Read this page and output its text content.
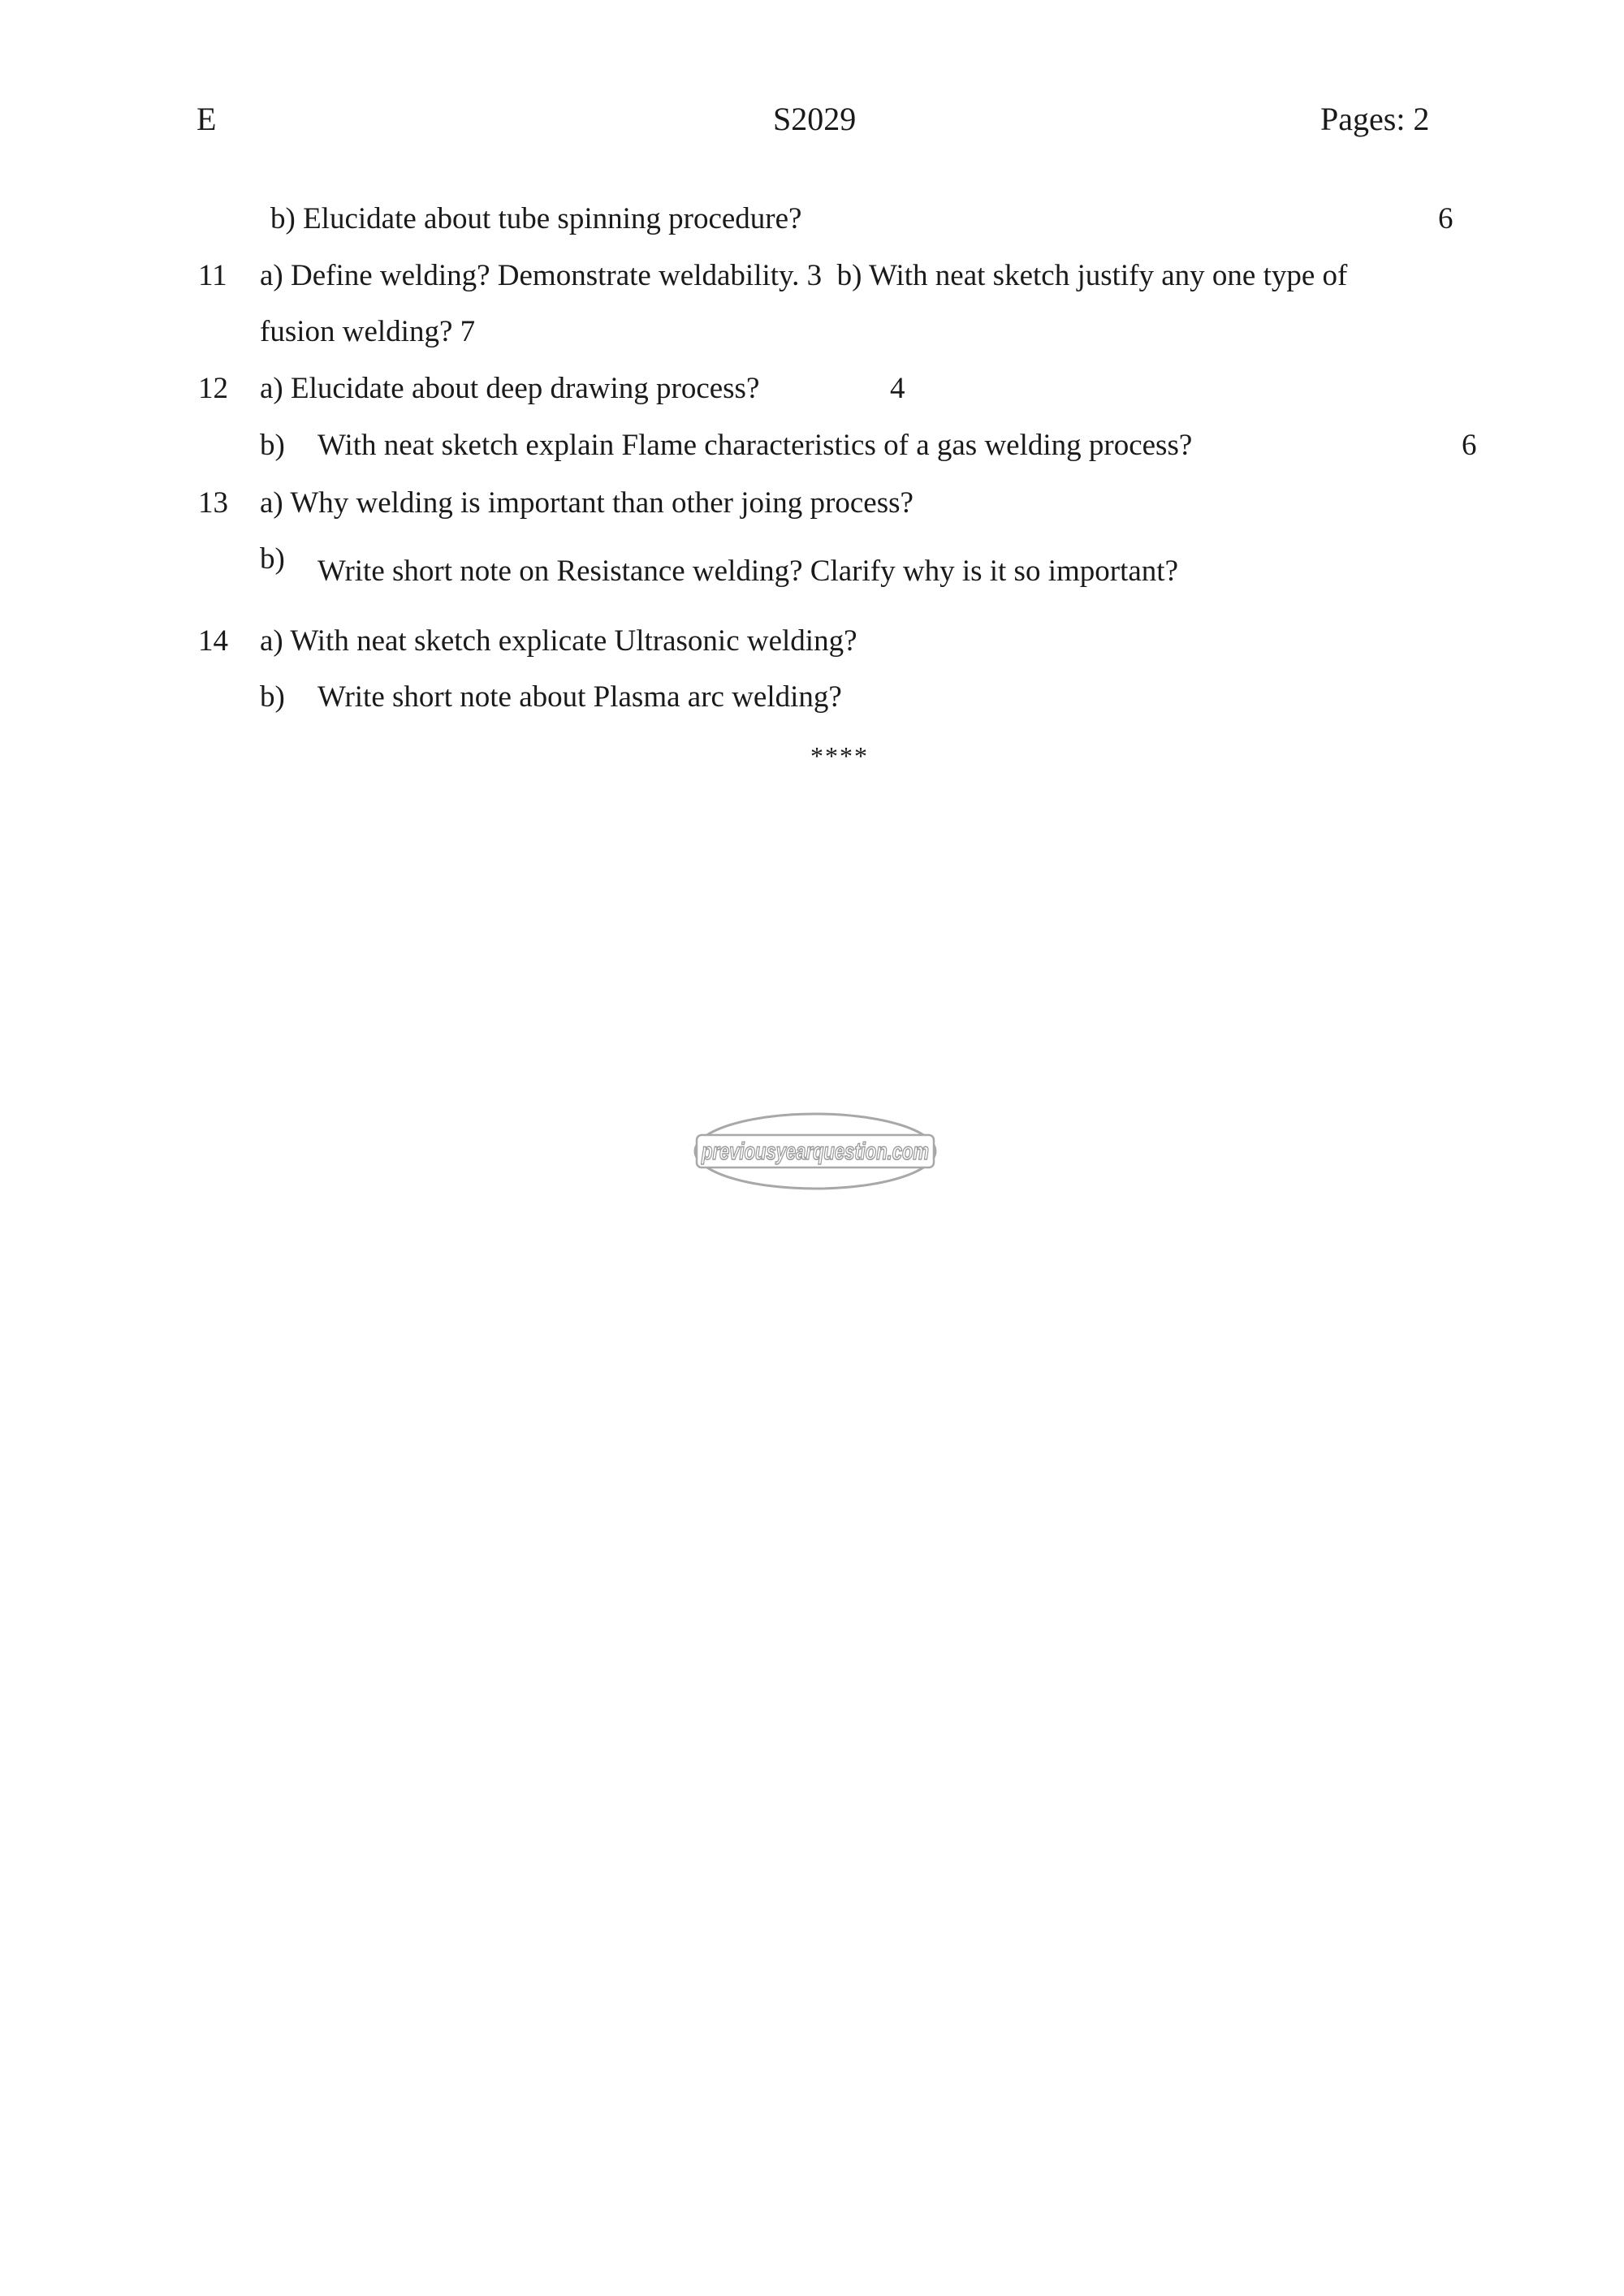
E	S2029	Pages: 2
b) Elucidate about tube spinning procedure?	6
11 a) Define welding? Demonstrate weldability. 3  b) With neat sketch justify any one type of
fusion welding? 7
12 a) Elucidate about deep drawing process?	4
b) With neat sketch explain Flame characteristics of a gas welding process?	6
13 a) Why welding is important than other joing process?
b) Write short note on Resistance welding? Clarify why is it so important?
14 a) With neat sketch explicate Ultrasonic welding?
b) Write short note about Plasma arc welding?
****
previousyearquestion.com
